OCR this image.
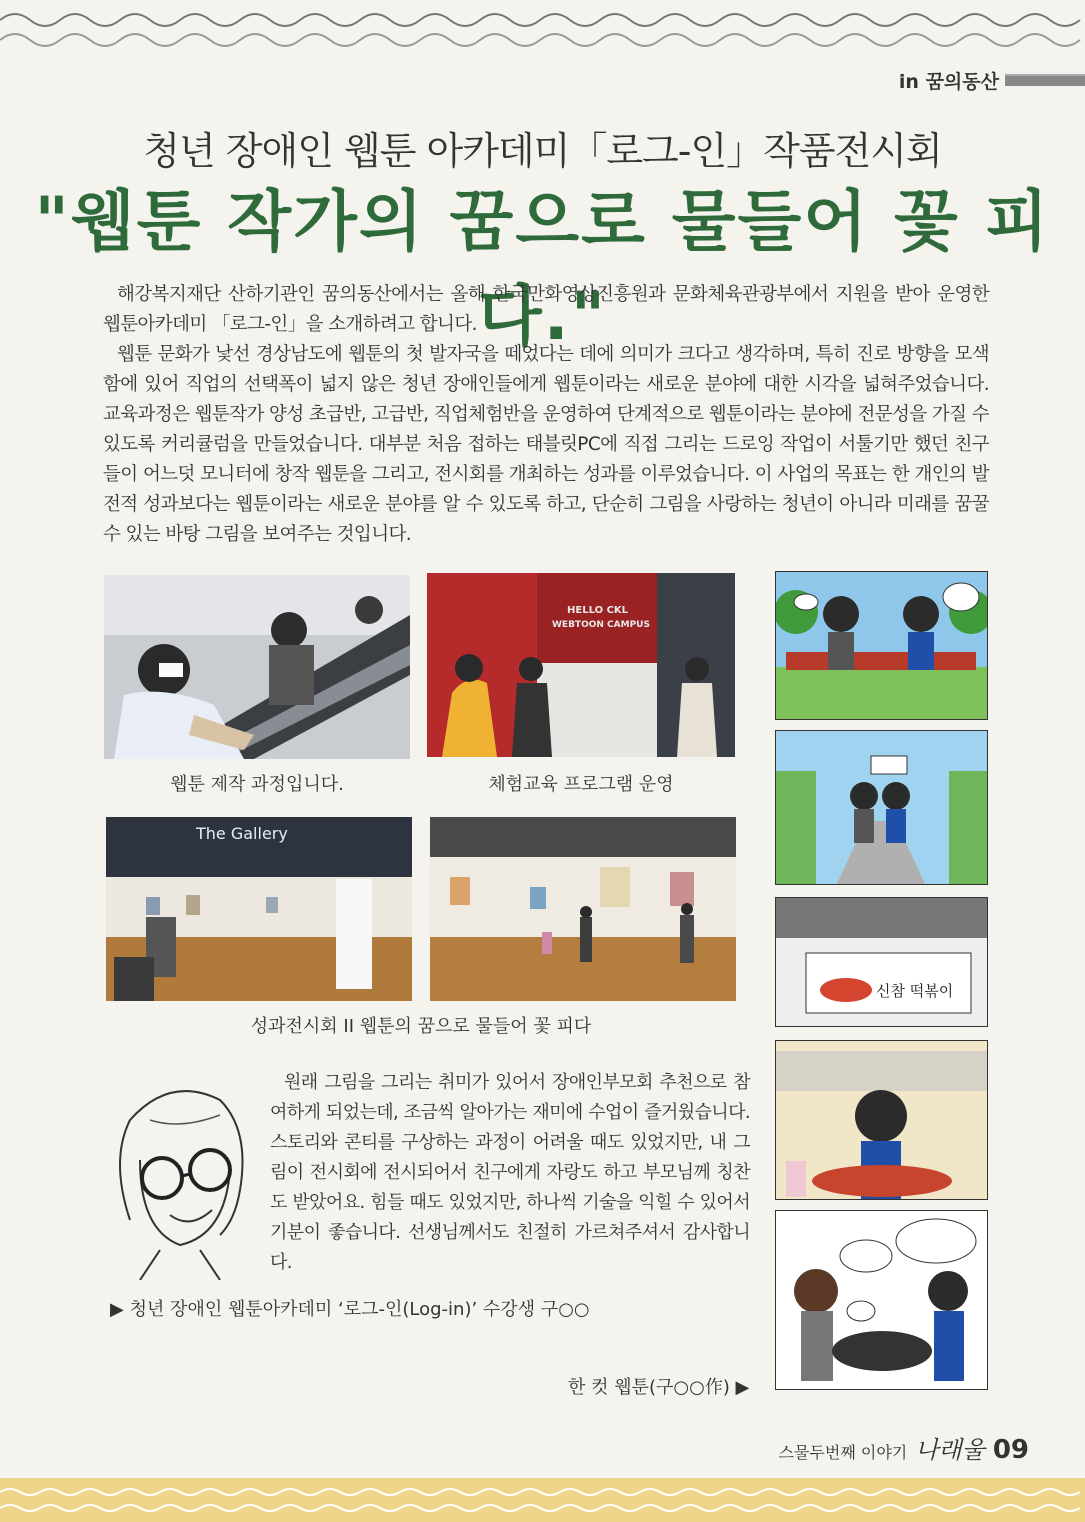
in 꿈의동산
청년 장애인 웹툰 아카데미「로그-인」작품전시회
"웹툰 작가의 꿈으로 물들어 꽃 피다."

해강복지재단 산하기관인 꿈의동산에서는 올해 한국만화영상진흥원과 문화체육관광부에서 지원을 받아 운영한 웹툰아카데미 「로그-인」을 소개하려고 합니다.

웹툰 문화가 낯선 경상남도에 웹툰의 첫 발자국을 떼었다는 데에 의미가 크다고 생각하며, 특히 진로 방향을 모색함에 있어 직업의 선택폭이 넓지 않은 청년 장애인들에게 웹툰이라는 새로운 분야에 대한 시각을 넓혀주었습니다. 교육과정은 웹툰작가 양성 초급반, 고급반, 직업체험반을 운영하여 단계적으로 웹툰이라는 분야에 전문성을 가질 수 있도록 커리큘럼을 만들었습니다. 대부분 처음 접하는 태블릿PC에 직접 그리는 드로잉 작업이 서툴기만 했던 친구들이 어느덧 모니터에 창작 웹툰을 그리고, 전시회를 개최하는 성과를 이루었습니다. 이 사업의 목표는 한 개인의 발전적 성과보다는 웹툰이라는 새로운 분야를 알 수 있도록 하고, 단순히 그림을 사랑하는 청년이 아니라 미래를 꿈꿀 수 있는 바탕 그림을 보여주는 것입니다.

HELLO CKL
WEBTOON CAMPUS
웹툰 제작 과정입니다.	체험교육 프로그램 운영
The Gallery
성과전시회 II 웹툰의 꿈으로 물들어 꽃 피다
신참 떡볶이

원래 그림을 그리는 취미가 있어서 장애인부모회 추천으로 참여하게 되었는데, 조금씩 알아가는 재미에 수업이 즐거웠습니다. 스토리와 콘티를 구상하는 과정이 어려울 때도 있었지만, 내 그림이 전시회에 전시되어서 친구에게 자랑도 하고 부모님께 칭찬도 받았어요. 힘들 때도 있었지만, 하나씩 기술을 익힐 수 있어서 기분이 좋습니다. 선생님께서도 친절히 가르쳐주셔서 감사합니다.

▶ 청년 장애인 웹툰아카데미 ‘로그-인(Log-in)’ 수강생 구○○
한 컷 웹툰(구○○作) ▶
스물두번째 이야기 나래울 09
